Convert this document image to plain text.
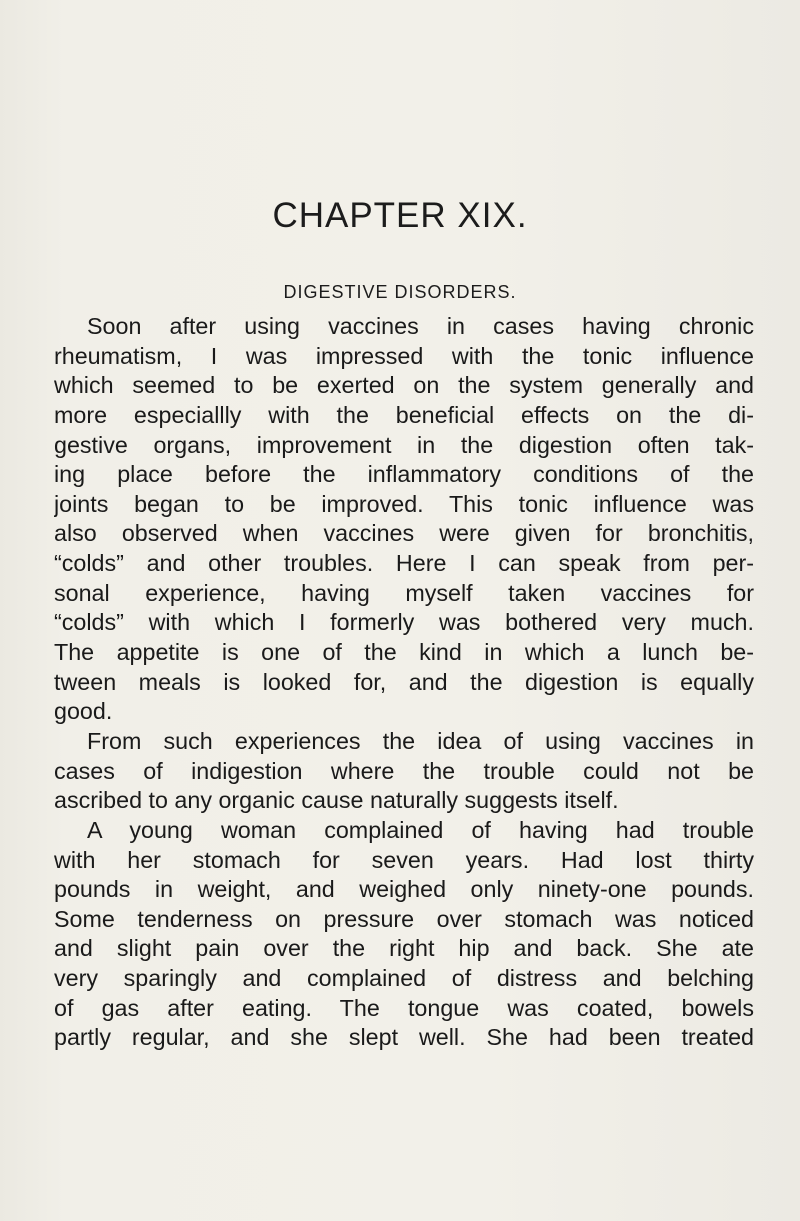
CHAPTER XIX.
DIGESTIVE DISORDERS.
Soon after using vaccines in cases having chronic
rheumatism, I was impressed with the tonic influence
which seemed to be exerted on the system generally and
more especiallly with the beneficial effects on the di-
gestive organs, improvement in the digestion often tak-
ing place before the inflammatory conditions of the
joints began to be improved. This tonic influence was
also observed when vaccines were given for bronchitis,
“colds” and other troubles. Here I can speak from per-
sonal experience, having myself taken vaccines for
“colds” with which I formerly was bothered very much.
The appetite is one of the kind in which a lunch be-
tween meals is looked for, and the digestion is equally
good.
From such experiences the idea of using vaccines in
cases of indigestion where the trouble could not be
ascribed to any organic cause naturally suggests itself.
A young woman complained of having had trouble
with her stomach for seven years. Had lost thirty
pounds in weight, and weighed only ninety-one pounds.
Some tenderness on pressure over stomach was noticed
and slight pain over the right hip and back. She ate
very sparingly and complained of distress and belching
of gas after eating. The tongue was coated, bowels
partly regular, and she slept well. She had been treated
